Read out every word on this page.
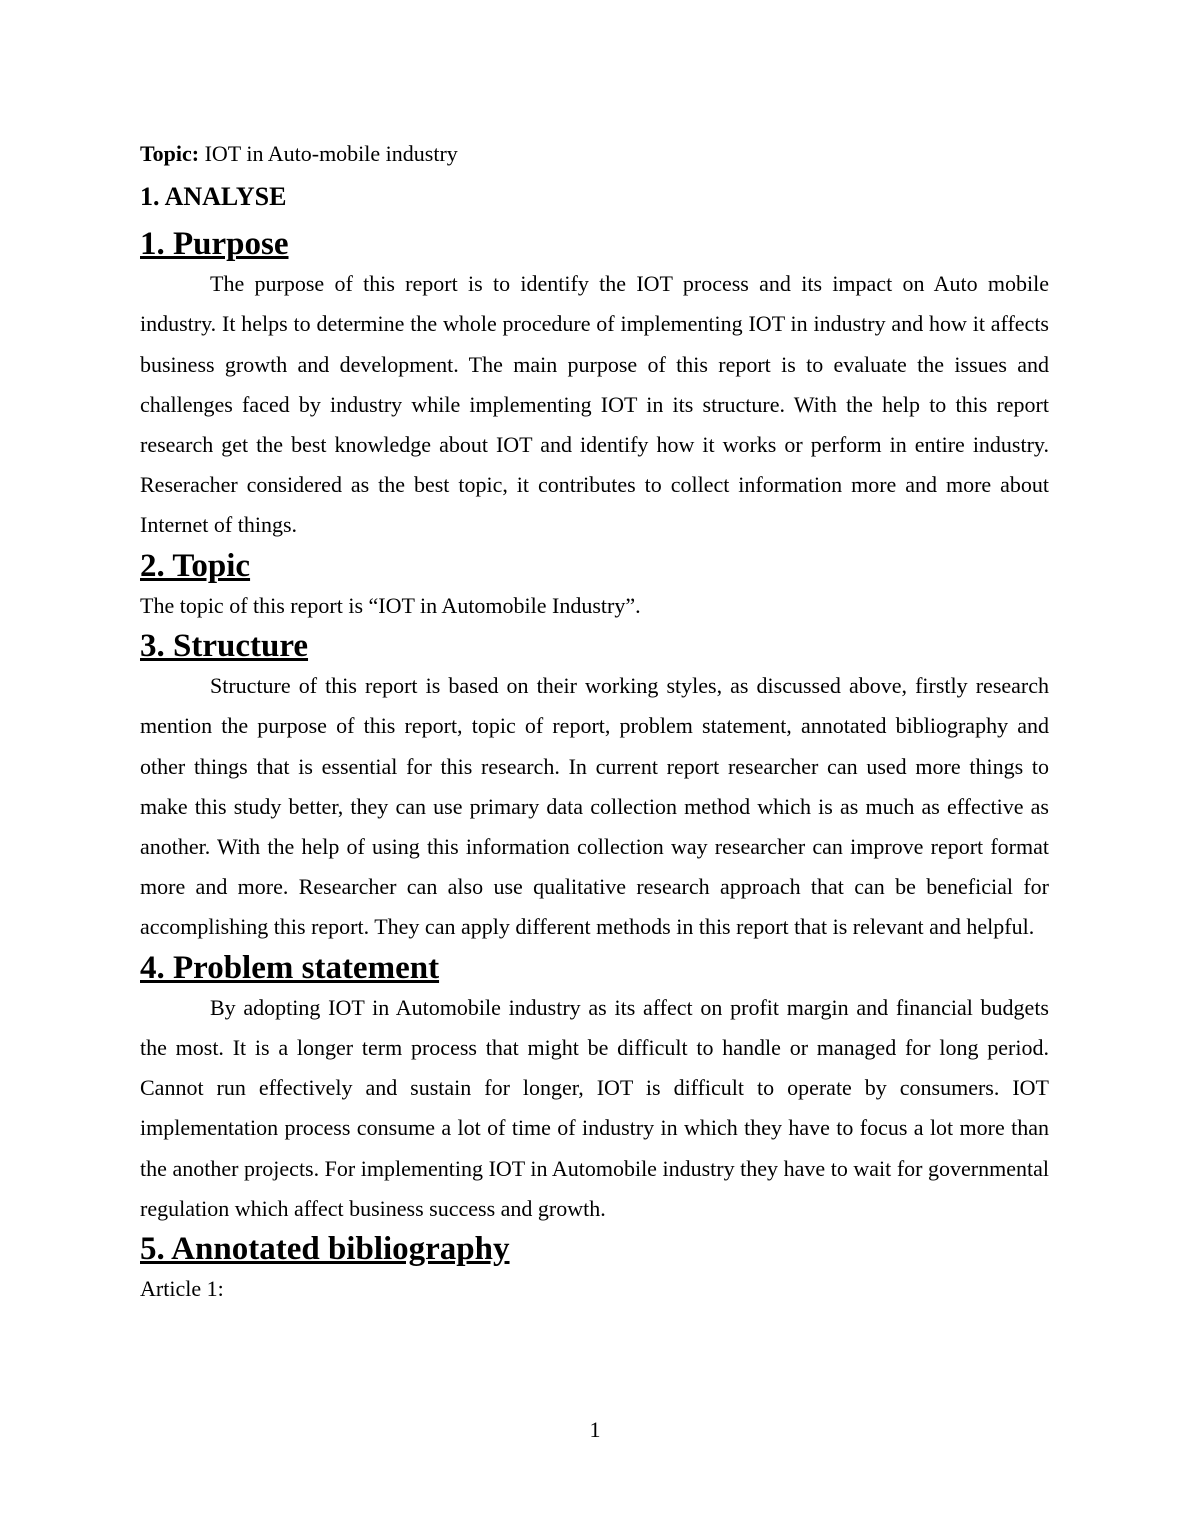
Topic: IOT in Auto-mobile industry

1. ANALYSE
1. Purpose

The purpose of this report is to identify the IOT process and its impact on Auto mobile industry. It helps to determine the whole procedure of implementing IOT in industry and how it affects business growth and development. The main purpose of this report is to evaluate the issues and challenges faced by industry while implementing IOT in its structure. With the help to this report research get the best knowledge about IOT and identify how it works or perform in entire industry. Reseracher considered as the best topic, it contributes to collect information more and more about Internet of things.

2. Topic

The topic of this report is “IOT in Automobile Industry”.

3. Structure

Structure of this report is based on their working styles, as discussed above, firstly research mention the purpose of this report, topic of report, problem statement, annotated bibliography and other things that is essential for this research. In current report researcher can used more things to make this study better, they can use primary data collection method which is as much as effective as another. With the help of using this information collection way researcher can improve report format more and more. Researcher can also use qualitative research approach that can be beneficial for accomplishing this report. They can apply different methods in this report that is relevant and helpful.

4. Problem statement

By adopting IOT in Automobile industry as its affect on profit margin and financial budgets the most. It is a longer term process that might be difficult to handle or managed for long period. Cannot run effectively and sustain for longer, IOT is difficult to operate by consumers. IOT implementation process consume a lot of time of industry in which they have to focus a lot more than the another projects. For implementing IOT in Automobile industry they have to wait for governmental regulation which affect business success and growth.

5. Annotated bibliography

Article 1:

1
